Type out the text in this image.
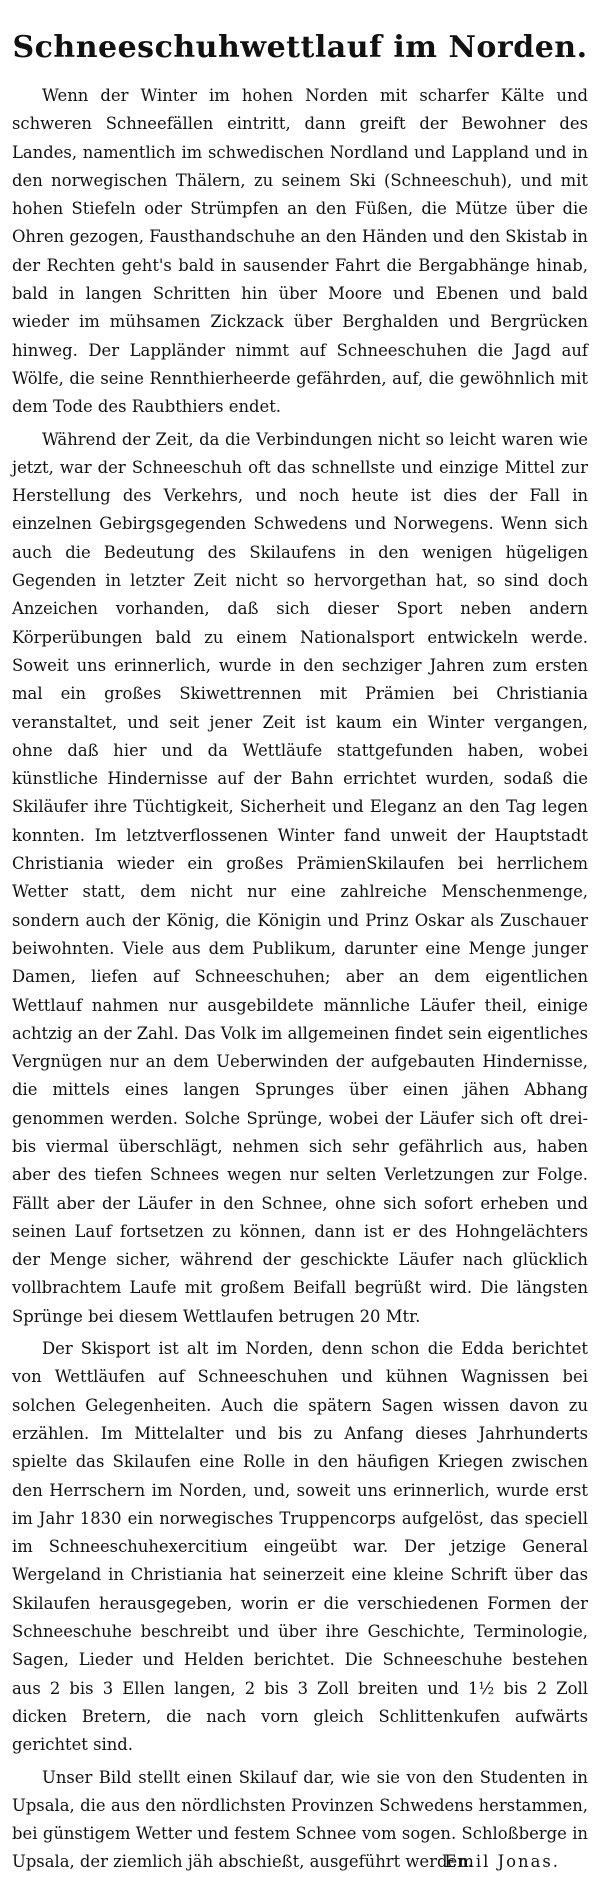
Schneeschuhwettlauf im Norden.

Wenn der Winter im hohen Norden mit scharfer Kälte und schweren Schneefällen eintritt, dann greift der Bewohner des Landes, namentlich im schwedischen Nordland und Lappland und in den norwegischen Thälern, zu seinem Ski (Schneeschuh), und mit hohen Stiefeln oder Strümpfen an den Füßen, die Mütze über die Ohren gezogen, Fausthandschuhe an den Händen und den Skistab in der Rechten geht's bald in sausender Fahrt die Bergabhänge hinab, bald in langen Schritten hin über Moore und Ebenen und bald wieder im mühsamen Zickzack über Berghalden und Bergrücken hinweg. Der Lappländer nimmt auf Schneeschuhen die Jagd auf Wölfe, die seine Rennthierheerde gefährden, auf, die gewöhnlich mit dem Tode des Raubthiers endet.

Während der Zeit, da die Verbindungen nicht so leicht waren wie jetzt, war der Schneeschuh oft das schnellste und einzige Mittel zur Herstellung des Verkehrs, und noch heute ist dies der Fall in einzelnen Gebirgsgegenden Schwedens und Norwegens. Wenn sich auch die Bedeutung des Skilaufens in den wenigen hügeligen Gegenden in letzter Zeit nicht so hervorgethan hat, so sind doch Anzeichen vorhanden, daß sich dieser Sport neben andern Körperübungen bald zu einem Nationalsport entwickeln werde. Soweit uns erinnerlich, wurde in den sechziger Jahren zum ersten mal ein großes Skiwettrennen mit Prämien bei Christiania veranstaltet, und seit jener Zeit ist kaum ein Winter vergangen, ohne daß hier und da Wettläufe stattgefunden haben, wobei künstliche Hindernisse auf der Bahn errichtet wurden, sodaß die Skiläufer ihre Tüchtigkeit, Sicherheit und Eleganz an den Tag legen konnten. Im letztverflossenen Winter fand unweit der Hauptstadt Christiania wieder ein großes PrämienSkilaufen bei herrlichem Wetter statt, dem nicht nur eine zahlreiche Menschenmenge, sondern auch der König, die Königin und Prinz Oskar als Zuschauer beiwohnten. Viele aus dem Publikum, darunter eine Menge junger Damen, liefen auf Schneeschuhen; aber an dem eigentlichen Wettlauf nahmen nur ausgebildete männliche Läufer theil, einige achtzig an der Zahl. Das Volk im allgemeinen findet sein eigentliches Vergnügen nur an dem Ueberwinden der aufgebauten Hindernisse, die mittels eines langen Sprunges über einen jähen Abhang genommen werden. Solche Sprünge, wobei der Läufer sich oft drei- bis viermal überschlägt, nehmen sich sehr gefährlich aus, haben aber des tiefen Schnees wegen nur selten Verletzungen zur Folge. Fällt aber der Läufer in den Schnee, ohne sich sofort erheben und seinen Lauf fortsetzen zu können, dann ist er des Hohngelächters der Menge sicher, während der geschickte Läufer nach glücklich vollbrachtem Laufe mit großem Beifall begrüßt wird. Die längsten Sprünge bei diesem Wettlaufen betrugen 20 Mtr.

Der Skisport ist alt im Norden, denn schon die Edda berichtet von Wettläufen auf Schneeschuhen und kühnen Wagnissen bei solchen Gelegenheiten. Auch die spätern Sagen wissen davon zu erzählen. Im Mittelalter und bis zu Anfang dieses Jahrhunderts spielte das Skilaufen eine Rolle in den häufigen Kriegen zwischen den Herrschern im Norden, und, soweit uns erinnerlich, wurde erst im Jahr 1830 ein norwegisches Truppencorps aufgelöst, das speciell im Schneeschuhexercitium eingeübt war. Der jetzige General Wergeland in Christiania hat seinerzeit eine kleine Schrift über das Skilaufen herausgegeben, worin er die verschiedenen Formen der Schneeschuhe beschreibt und über ihre Geschichte, Terminologie, Sagen, Lieder und Helden berichtet. Die Schneeschuhe bestehen aus 2 bis 3 Ellen langen, 2 bis 3 Zoll breiten und 1½ bis 2 Zoll dicken Bretern, die nach vorn gleich Schlittenkufen aufwärts gerichtet sind.

Unser Bild stellt einen Skilauf dar, wie sie von den Studenten in Upsala, die aus den nördlichsten Provinzen Schwedens herstammen, bei günstigem Wetter und festem Schnee vom sogen. Schloßberge in Upsala, der ziemlich jäh abschießt, ausgeführt werden.

Emil Jonas.
